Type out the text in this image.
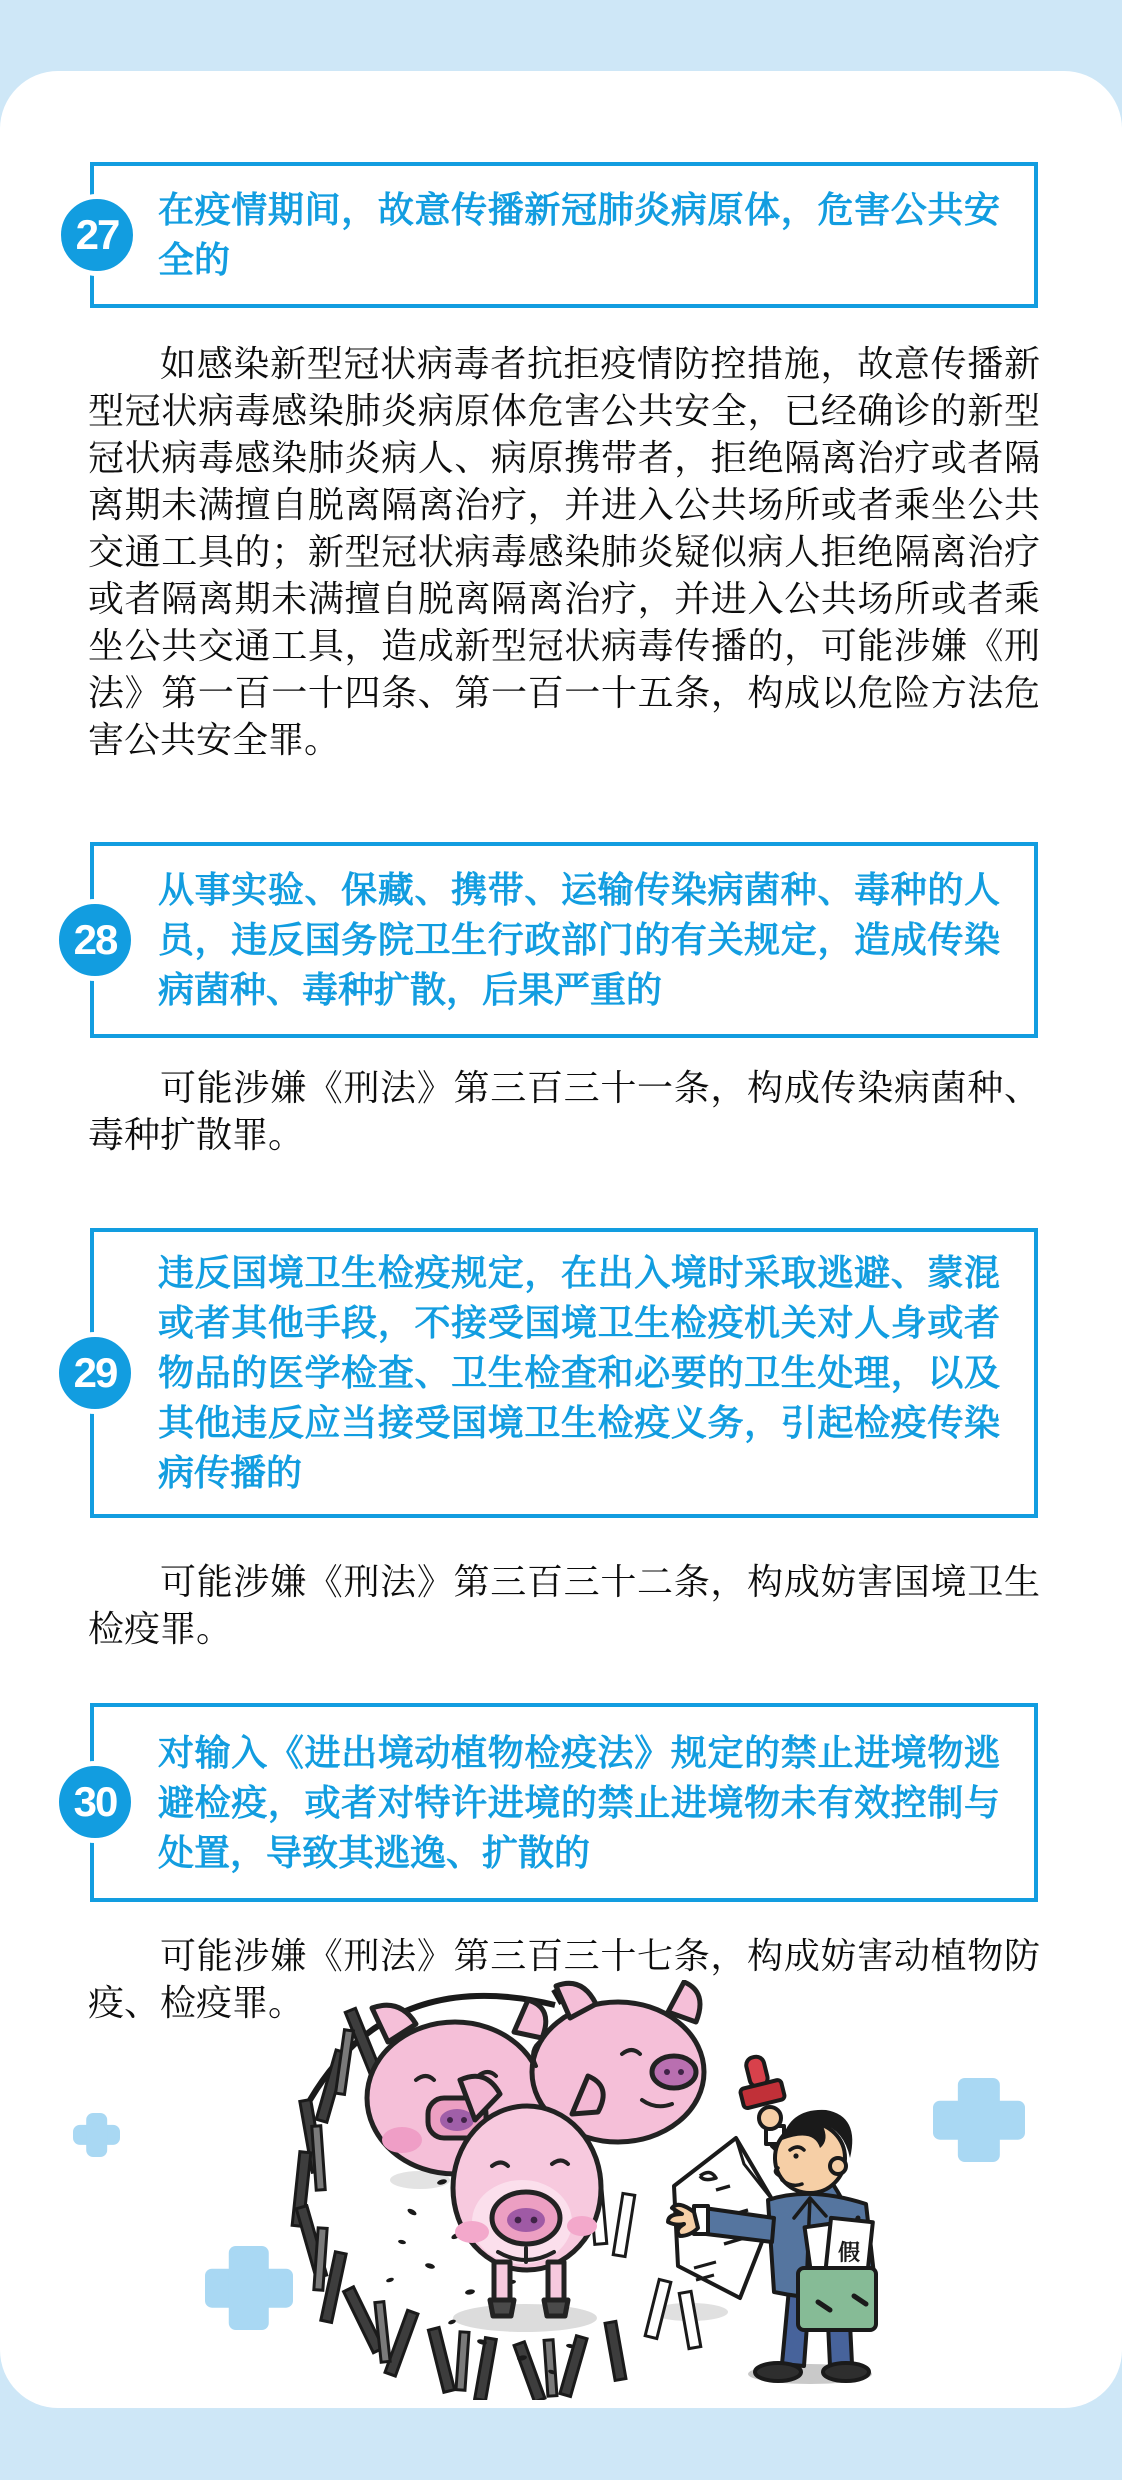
在疫情期间，故意传播新冠肺炎病原体，危害公共安全的
27
如感染新型冠状病毒者抗拒疫情防控措施，故意传播新型冠状病毒感染肺炎病原体危害公共安全，已经确诊的新型冠状病毒感染肺炎病人、病原携带者，拒绝隔离治疗或者隔离期未满擅自脱离隔离治疗，并进入公共场所或者乘坐公共交通工具的；新型冠状病毒感染肺炎疑似病人拒绝隔离治疗或者隔离期未满擅自脱离隔离治疗，并进入公共场所或者乘坐公共交通工具，造成新型冠状病毒传播的，可能涉嫌《刑法》第一百一十四条、第一百一十五条，构成以危险方法危害公共安全罪。
从事实验、保藏、携带、运输传染病菌种、毒种的人员，违反国务院卫生行政部门的有关规定，造成传染病菌种、毒种扩散，后果严重的
28
可能涉嫌《刑法》第三百三十一条，构成传染病菌种、毒种扩散罪。
违反国境卫生检疫规定，在出入境时采取逃避、蒙混或者其他手段，不接受国境卫生检疫机关对人身或者物品的医学检查、卫生检查和必要的卫生处理，以及其他违反应当接受国境卫生检疫义务，引起检疫传染病传播的
29
可能涉嫌《刑法》第三百三十二条，构成妨害国境卫生检疫罪。
对输入《进出境动植物检疫法》规定的禁止进境物逃避检疫，或者对特许进境的禁止进境物未有效控制与处置，导致其逃逸、扩散的
30
可能涉嫌《刑法》第三百三十七条，构成妨害动植物防疫、检疫罪。
假
